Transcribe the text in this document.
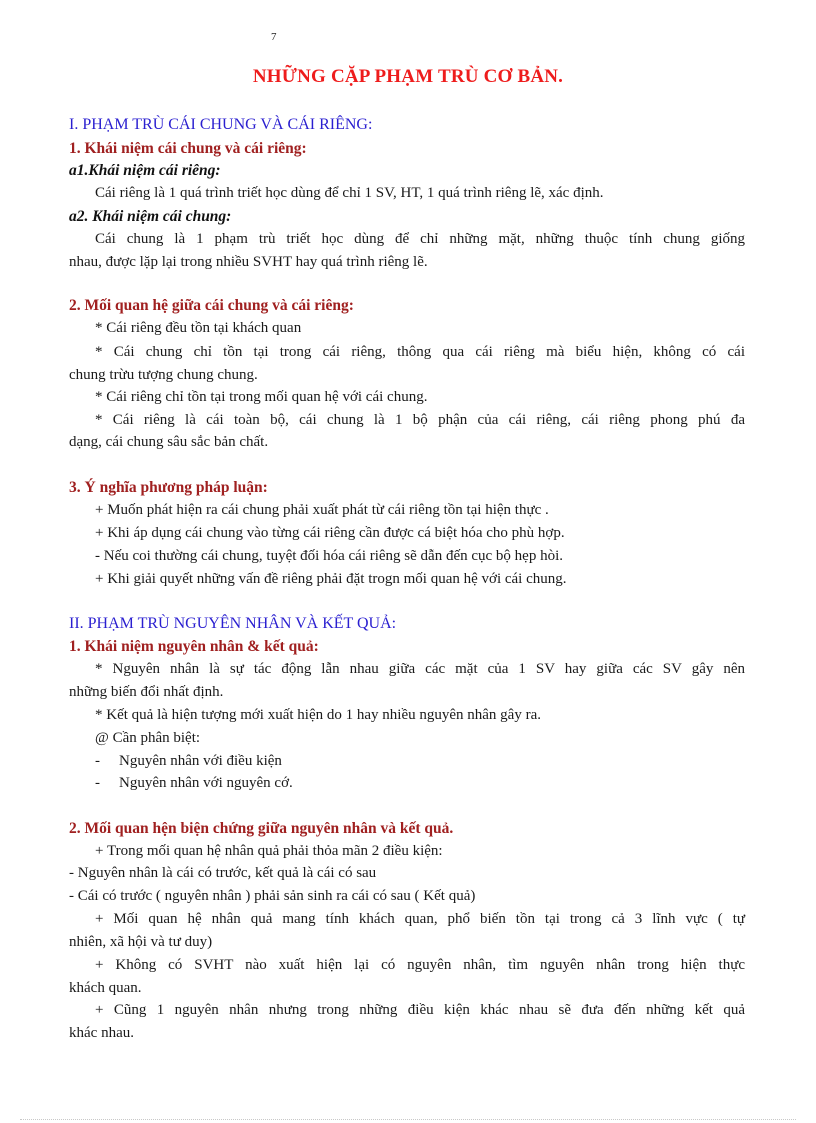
7
NHỮNG CẶP PHẠM TRÙ CƠ BẢN.
I. PHẠM TRÙ CÁI CHUNG VÀ CÁI RIÊNG:
1. Khái niệm cái chung và cái riêng:
a1.Khái niệm cái riêng:
Cái riêng là 1 quá trình triết học dùng để chỉ 1 SV, HT, 1 quá trình riêng lẽ, xác định.
a2. Khái niệm cái chung:
Cái chung là 1 phạm trù triết học dùng để chỉ những mặt, những thuộc tính chung giống
nhau, được lặp lại trong nhiều SVHT hay quá trình riêng lẽ.
2. Mối quan hệ giữa cái chung và cái riêng:
* Cái riêng đều tồn tại khách quan
* Cái chung chỉ tồn tại trong cái riêng, thông qua cái riêng mà biểu hiện, không có cái
chung trừu tượng chung chung.
* Cái riêng chỉ tồn tại trong mối quan hệ với cái chung.
* Cái riêng là cái toàn bộ, cái chung là 1 bộ phận của cái riêng, cái riêng phong phú đa
dạng, cái chung sâu sắc bản chất.
3. Ý nghĩa phương pháp luận:
+ Muốn phát hiện ra cái chung phải xuất phát từ cái riêng tồn tại hiện thực .
+ Khi áp dụng cái chung vào từng cái riêng cần được cá biệt hóa cho phù hợp.
- Nếu coi thường cái chung, tuyệt đối hóa cái riêng sẽ dẫn đến cục bộ hẹp hòi.
+ Khi giải quyết những vấn đề riêng phải đặt trogn mối quan hệ với cái chung.
II. PHẠM TRÙ NGUYÊN NHÂN VÀ KẾT QUẢ:
1. Khái niệm nguyên nhân & kết quả:
* Nguyên nhân là sự tác động lẫn nhau giữa các mặt của 1 SV hay giữa các SV gây nên
những biến đổi nhất định.
* Kết quả là hiện tượng mới xuất hiện do 1 hay nhiều nguyên nhân gây ra.
@ Cần phân biệt:
- Nguyên nhân với điều kiện
- Nguyên nhân với nguyên cớ.
2. Mối quan hện biện chứng giữa nguyên nhân và kết quả.
+ Trong mối quan hệ nhân quả phải thỏa mãn 2 điều kiện:
- Nguyên nhân là cái có trước, kết quả là cái có sau
- Cái có trước ( nguyên nhân ) phải sản sinh ra cái có sau ( Kết quả)
+ Mối quan hệ nhân quả mang tính khách quan, phổ biến tồn tại trong cả 3 lĩnh vực ( tự
nhiên, xã hội và tư duy)
+ Không có SVHT nào xuất hiện lại có nguyên nhân, tìm nguyên nhân trong hiện thực
khách quan.
+ Cũng 1 nguyên nhân nhưng trong những điều kiện khác nhau sẽ đưa đến những kết quả
khác nhau.
